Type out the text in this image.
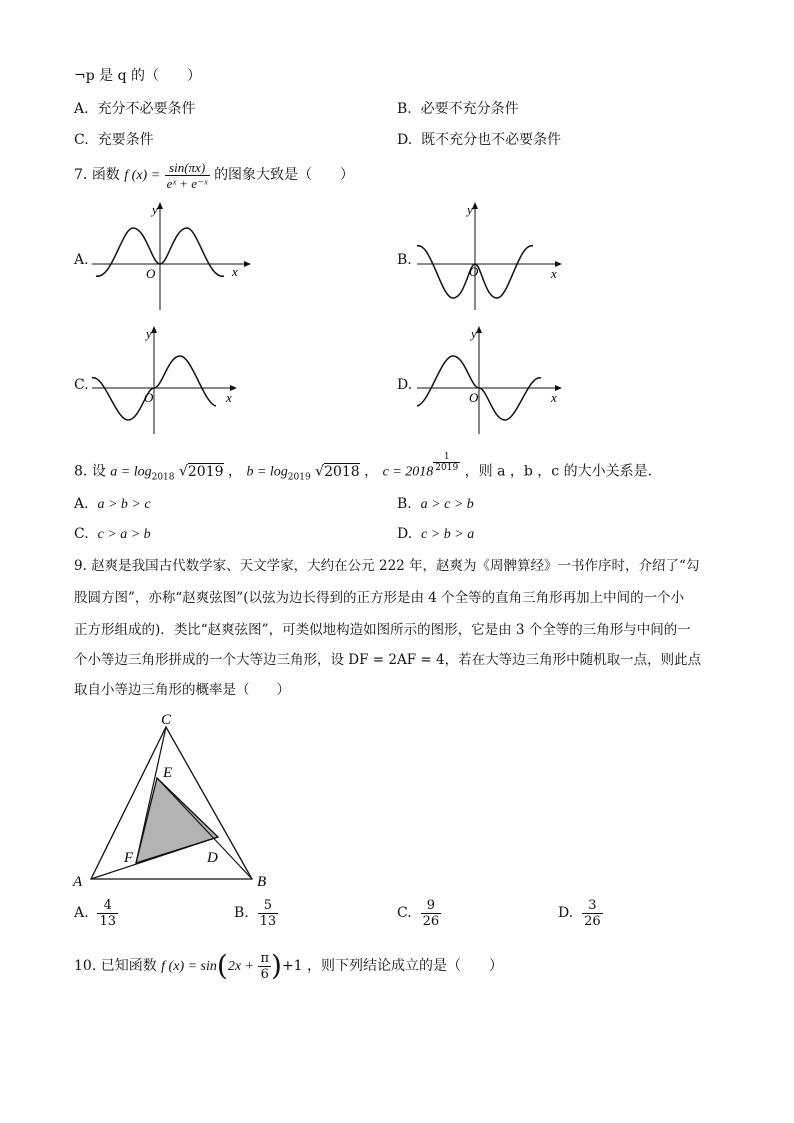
¬p 是 q 的（　　）
A. 充分不必要条件	B. 必要不充分条件
C. 充要条件	D. 既不充分也不必要条件
7. 函数 f $(x) = \frac{\sin(\pi x)}{\text{eˣ + e⁻ˣ}}$ 的图象大致是（　　）
A.
y
x
O
B.
y
x
O
C.
y
x
O
D.
y
x
O
8. 设 $a = \log_{2018} √2019$ ， $b = \log_{2019} √2018$ ， $c = 2018 \frac{1}{2019}$ ，则 a ，b ，c 的大小关系是．
A. a > b > c	B. a > c > b
C. c > a > b	D. c > b > a
9. 赵爽是我国古代数学家、天文学家，大约在公元 222 年，赵爽为《周髀算经》一书作序时，介绍了“勾
股圆方图”，亦称“赵爽弦图”(以弦为边长得到的正方形是由 4 个全等的直角三角形再加上中间的一个小
正方形组成的)．类比“赵爽弦图”，可类似地构造如图所示的图形，它是由 3 个全等的三角形与中间的一
个小等边三角形拼成的一个大等边三角形，设 DF = 2AF = 4，若在大等边三角形中随机取一点，则此点
取自小等边三角形的概率是（　　）
C
E
F	D
A	B
A. $\frac{4}{13}$	B. $\frac{5}{13}$	C. $\frac{9}{26}$	D. $\frac{3}{26}$
10. 已知函数 f $(x) = \sin(2x + \frac{\pi}{6} )+1$ ，则下列结论成立的是（　　）
